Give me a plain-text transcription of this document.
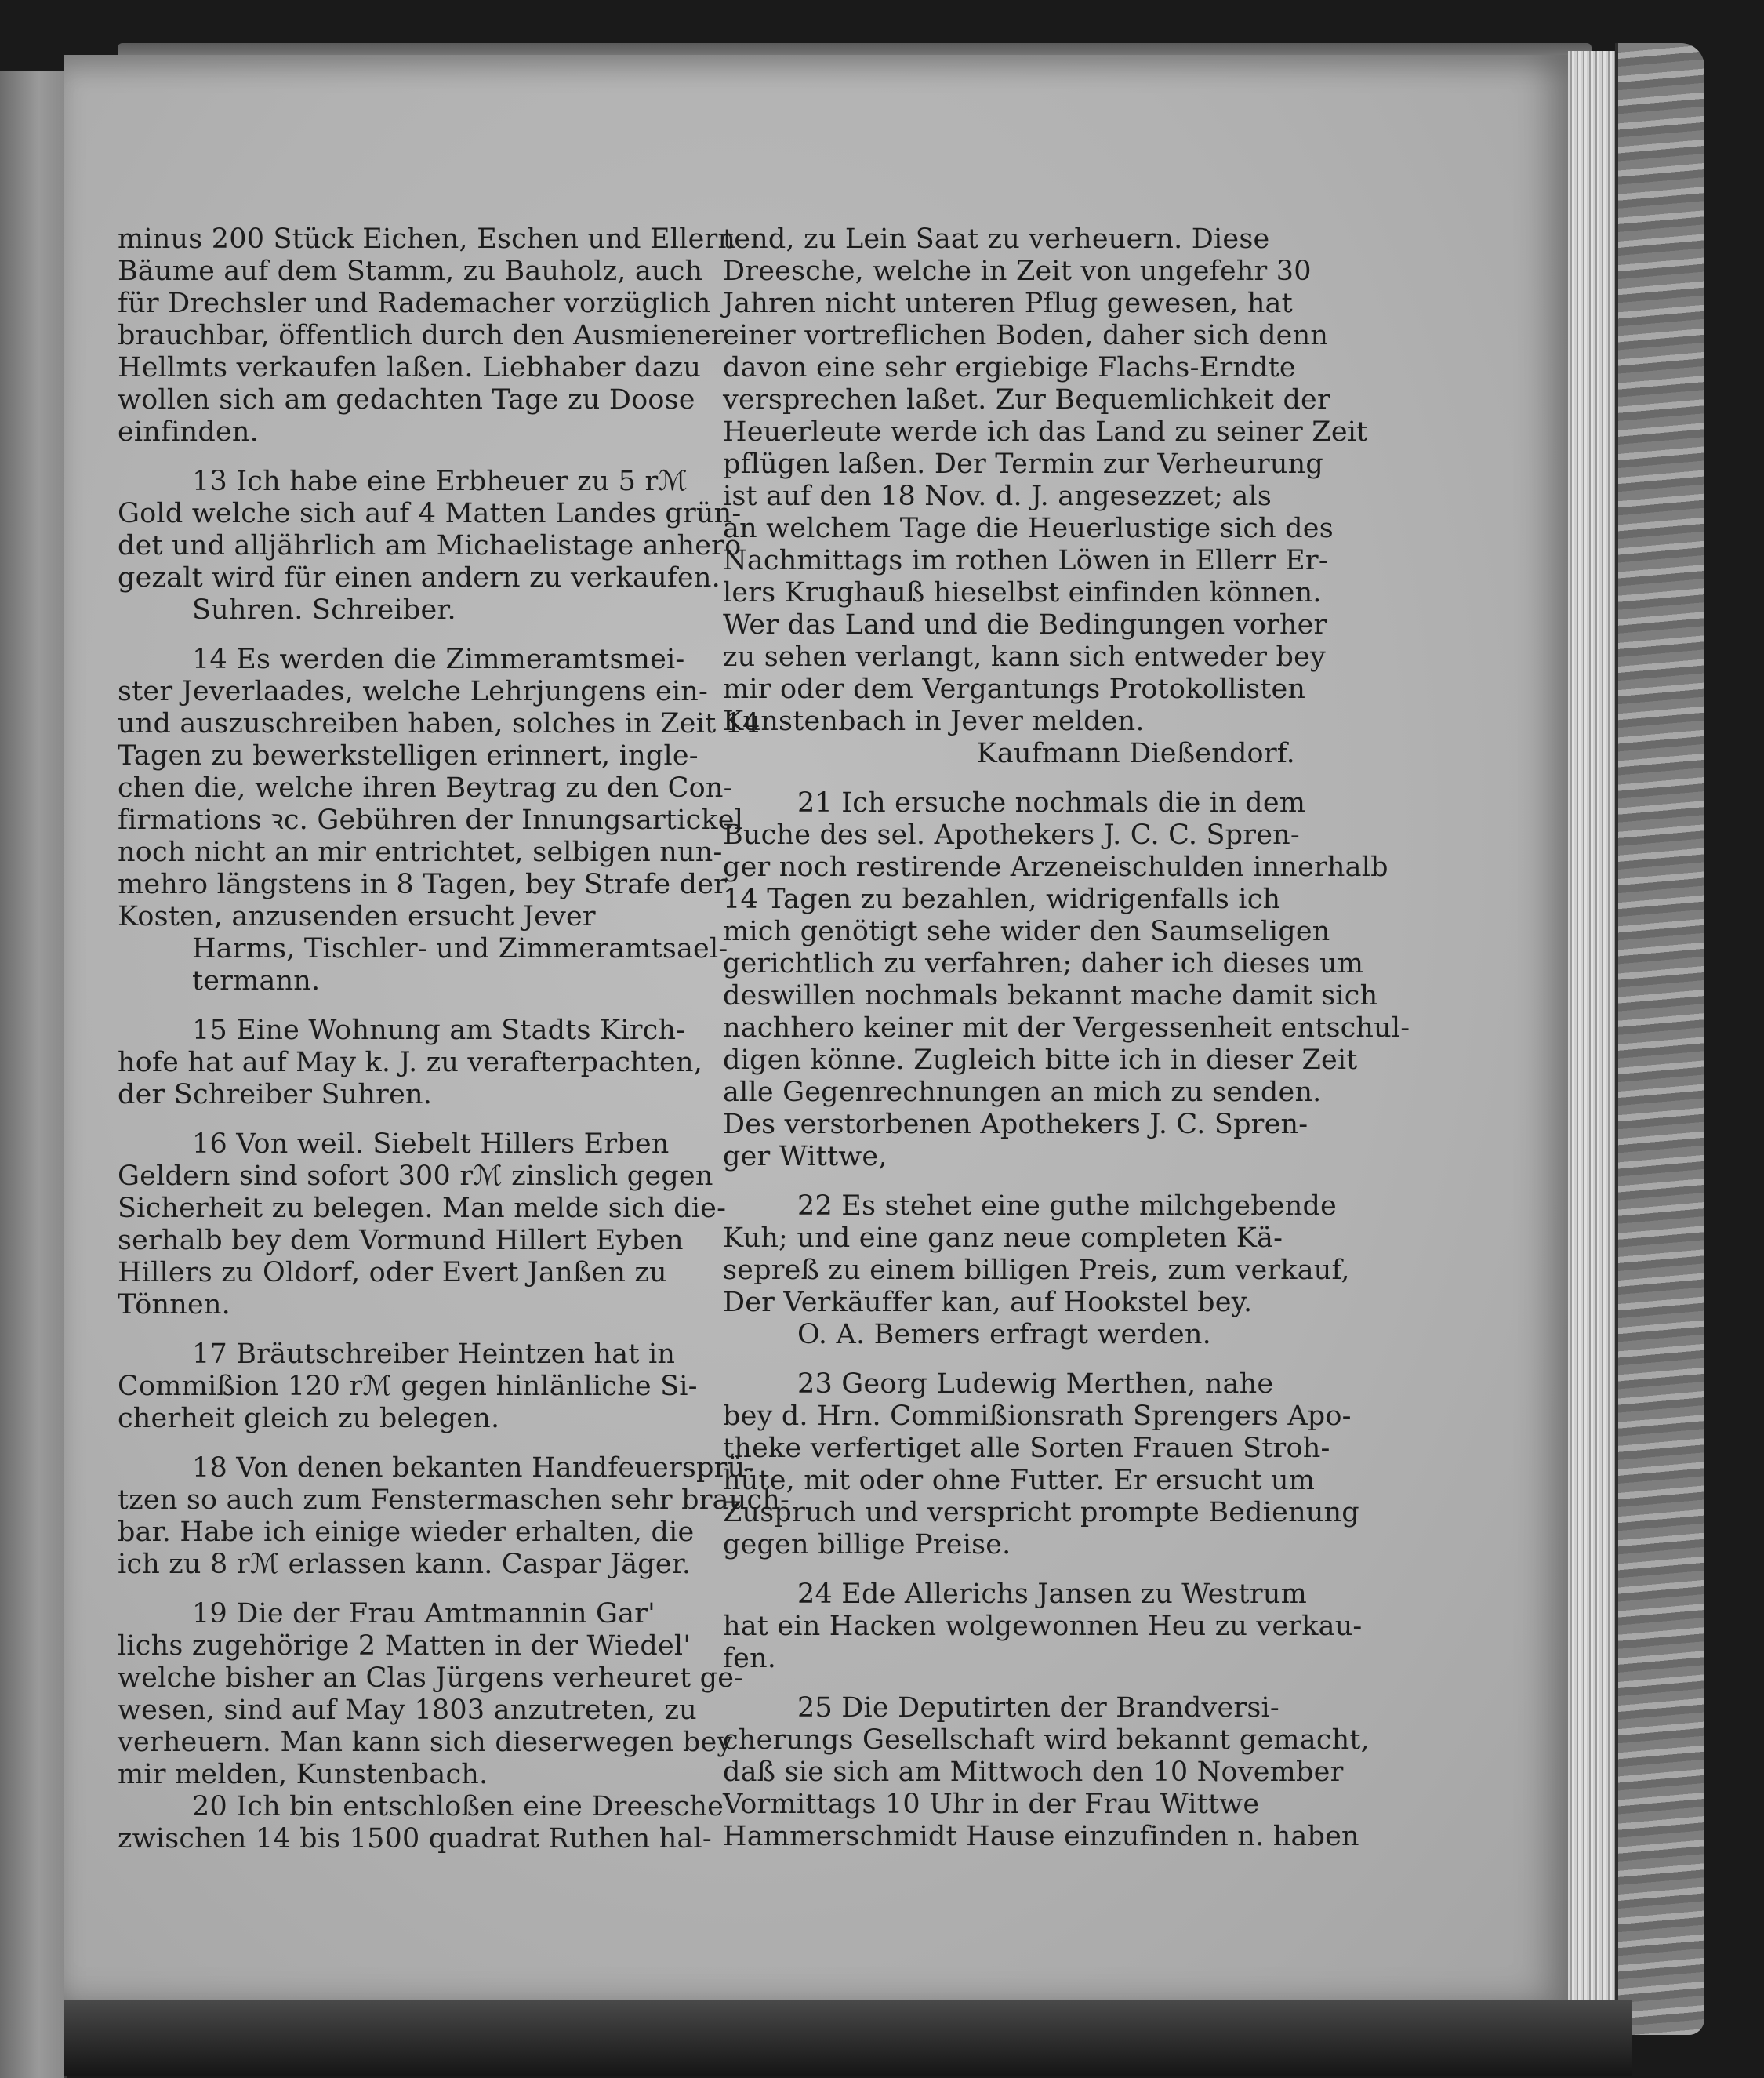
minus 200 Stück Eichen, Eschen und Ellern
Bäume auf dem Stamm, zu Bauholz, auch
für Drechsler und Rademacher vorzüglich
brauchbar, öffentlich durch den Ausmiener
Hellmts verkaufen laßen. Liebhaber dazu
wollen sich am gedachten Tage zu Doose
einfinden.
13 Ich habe eine Erbheuer zu 5 rℳ
Gold welche sich auf 4 Matten Landes grün-
det und alljährlich am Michaelistage anhero
gezalt wird für einen andern zu verkaufen.
Suhren. Schreiber.
14 Es werden die Zimmeramtsmei-
ster Jeverlaades, welche Lehrjungens ein-
und auszuschreiben haben, solches in Zeit 14
Tagen zu bewerkstelligen erinnert, ingle-
chen die, welche ihren Beytrag zu den Con-
firmations ꝛc. Gebühren der Innungsartickel
noch nicht an mir entrichtet, selbigen nun-
mehro längstens in 8 Tagen, bey Strafe der
Kosten, anzusenden ersucht Jever
Harms, Tischler- und Zimmeramtsael-
termann.
15 Eine Wohnung am Stadts Kirch-
hofe hat auf May k. J. zu verafterpachten,
der Schreiber Suhren.
16 Von weil. Siebelt Hillers Erben
Geldern sind sofort 300 rℳ zinslich gegen
Sicherheit zu belegen. Man melde sich die-
serhalb bey dem Vormund Hillert Eyben
Hillers zu Oldorf, oder Evert Janßen zu
Tönnen.
17 Bräutschreiber Heintzen hat in
Commißion 120 rℳ gegen hinlänliche Si-
cherheit gleich zu belegen.
18 Von denen bekanten Handfeuersprü-
tzen so auch zum Fenstermaschen sehr brauch-
bar. Habe ich einige wieder erhalten, die
ich zu 8 rℳ erlassen kann. Caspar Jäger.
19 Die der Frau Amtmannin Gar'
lichs zugehörige 2 Matten in der Wiedel'
welche bisher an Clas Jürgens verheuret ge-
wesen, sind auf May 1803 anzutreten, zu
verheuern. Man kann sich dieserwegen bey
mir melden, Kunstenbach.
20 Ich bin entschloßen eine Dreesche
zwischen 14 bis 1500 quadrat Ruthen hal-
tend, zu Lein Saat zu verheuern. Diese
Dreesche, welche in Zeit von ungefehr 30
Jahren nicht unteren Pflug gewesen, hat
einer vortreflichen Boden, daher sich denn
davon eine sehr ergiebige Flachs-Erndte
versprechen laßet. Zur Bequemlichkeit der
Heuerleute werde ich das Land zu seiner Zeit
pflügen laßen. Der Termin zur Verheurung
ist auf den 18 Nov. d. J. angesezzet; als
an welchem Tage die Heuerlustige sich des
Nachmittags im rothen Löwen in Ellerr Er-
lers Krughauß hieselbst einfinden können.
Wer das Land und die Bedingungen vorher
zu sehen verlangt, kann sich entweder bey
mir oder dem Vergantungs Protokollisten
Kunstenbach in Jever melden.
Kaufmann Dießendorf.
21 Ich ersuche nochmals die in dem
Buche des sel. Apothekers J. C. C. Spren-
ger noch restirende Arzeneischulden innerhalb
14 Tagen zu bezahlen, widrigenfalls ich
mich genötigt sehe wider den Saumseligen
gerichtlich zu verfahren; daher ich dieses um
deswillen nochmals bekannt mache damit sich
nachhero keiner mit der Vergessenheit entschul-
digen könne. Zugleich bitte ich in dieser Zeit
alle Gegenrechnungen an mich zu senden.
Des verstorbenen Apothekers J. C. Spren-
ger Wittwe,
22 Es stehet eine guthe milchgebende
Kuh; und eine ganz neue completen Kä-
sepreß zu einem billigen Preis, zum verkauf,
Der Verkäuffer kan, auf Hookstel bey.
O. A. Bemers erfragt werden.
23 Georg Ludewig Merthen, nahe
bey d. Hrn. Commißionsrath Sprengers Apo-
theke verfertiget alle Sorten Frauen Stroh-
hüte, mit oder ohne Futter. Er ersucht um
Zuspruch und verspricht prompte Bedienung
gegen billige Preise.
24 Ede Allerichs Jansen zu Westrum
hat ein Hacken wolgewonnen Heu zu verkau-
fen.
25 Die Deputirten der Brandversi-
cherungs Gesellschaft wird bekannt gemacht,
daß sie sich am Mittwoch den 10 November
Vormittags 10 Uhr in der Frau Wittwe
Hammerschmidt Hause einzufinden n. haben
